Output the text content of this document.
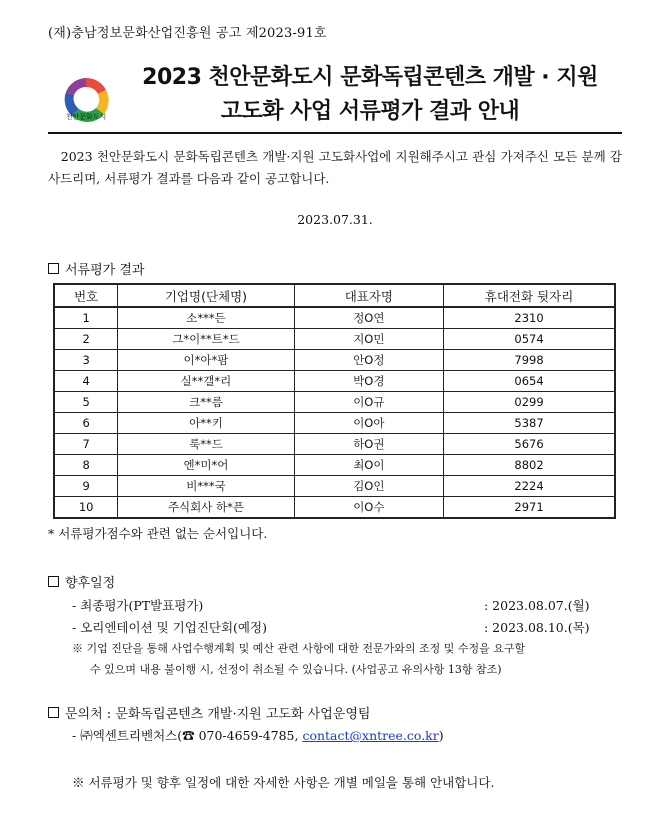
(재)충남정보문화산업진흥원 공고 제2023-91호
천안문화도시
2023 천안문화도시 문화독립콘텐츠 개발 · 지원
고도화 사업 서류평가 결과 안내
2023 천안문화도시 문화독립콘텐츠 개발·지원 고도화사업에 지원해주시고 관심 가져주신 모든 분께 감사드리며, 서류평가 결과를 다음과 같이 공고합니다.
2023.07.31.
서류평가 결과
번호	기업명(단체명)	대표자명	휴대전화 뒷자리
1	소***든	정O연	2310
2	그*이**트*드	지O민	0574
3	이*아*팜	안O정	7998
4	실**갤*리	박O경	0654
5	크**름	이O규	0299
6	아**키	이O아	5387
7	룩**드	하O권	5676
8	엔*미*어	최O이	8802
9	비***국	김O인	2224
10	주식회사 하*픈	이O수	2971
* 서류평가점수와 관련 없는 순서입니다.
향후일정
- 최종평가(PT발표평가)	: 2023.08.07.(월)
- 오리엔테이션 및 기업진단회(예정)	: 2023.08.10.(목)
※ 기업 진단을 통해 사업수행계획 및 예산 관련 사항에 대한 전문가와의 조정 및 수정을 요구할
수 있으며 내용 불이행 시, 선정이 취소될 수 있습니다. (사업공고 유의사항 13항 참조)
문의처 : 문화독립콘텐츠 개발·지원 고도화 사업운영팀
- ㈜엑센트리벤처스(☎ 070-4659-4785, contact@xntree.co.kr)
※ 서류평가 및 향후 일정에 대한 자세한 사항은 개별 메일을 통해 안내합니다.
